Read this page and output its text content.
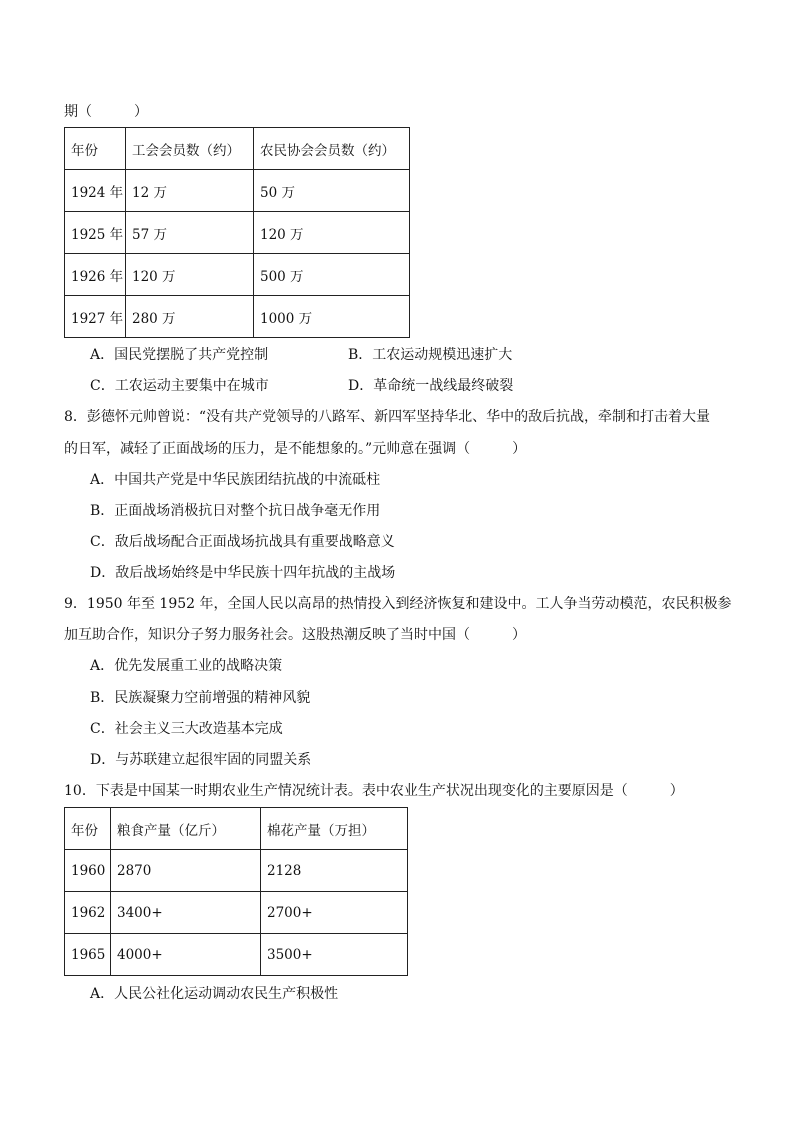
期（　　　）
年份	工会会员数（约）	农民协会会员数（约）
1924 年	12 万	50 万
1925 年	57 万	120 万
1926 年	120 万	500 万
1927 年	280 万	1000 万
A．国民党摆脱了共产党控制	B．工农运动规模迅速扩大
C．工农运动主要集中在城市	D．革命统一战线最终破裂
8．彭德怀元帅曾说：“没有共产党领导的八路军、新四军坚持华北、华中的敌后抗战，牵制和打击着大量
的日军，减轻了正面战场的压力，是不能想象的。”元帅意在强调（　　　）
A．中国共产党是中华民族团结抗战的中流砥柱
B．正面战场消极抗日对整个抗日战争毫无作用
C．敌后战场配合正面战场抗战具有重要战略意义
D．敌后战场始终是中华民族十四年抗战的主战场
9．1950 年至 1952 年，全国人民以高昂的热情投入到经济恢复和建设中。工人争当劳动模范，农民积极参
加互助合作，知识分子努力服务社会。这股热潮反映了当时中国（　　　）
A．优先发展重工业的战略决策
B．民族凝聚力空前增强的精神风貌
C．社会主义三大改造基本完成
D．与苏联建立起很牢固的同盟关系
10．下表是中国某一时期农业生产情况统计表。表中农业生产状况出现变化的主要原因是（　　　）
年份	粮食产量（亿斤）	棉花产量（万担）
1960	2870	2128
1962	3400+	2700+
1965	4000+	3500+
A．人民公社化运动调动农民生产积极性
